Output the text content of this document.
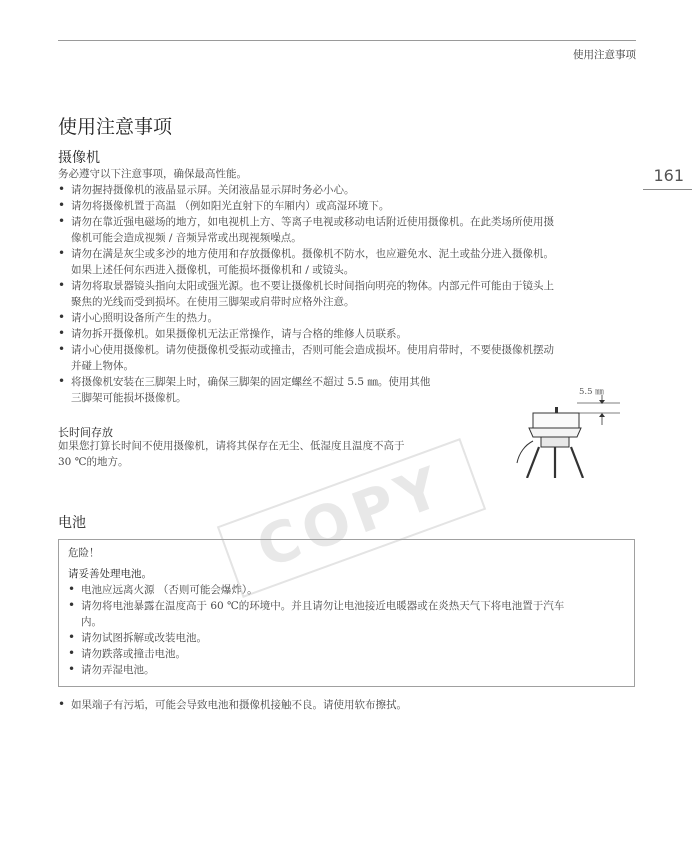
使用注意事项
161
使用注意事项
摄像机
务必遵守以下注意事项，确保最高性能。
• 请勿握持摄像机的液晶显示屏。关闭液晶显示屏时务必小心。
• 请勿将摄像机置于高温 （例如阳光直射下的车厢内）或高湿环境下。
• 请勿在靠近强电磁场的地方，如电视机上方、等离子电视或移动电话附近使用摄像机。在此类场所使用摄
像机可能会造成视频 / 音频异常或出现视频噪点。
• 请勿在满是灰尘或多沙的地方使用和存放摄像机。摄像机不防水，也应避免水、泥土或盐分进入摄像机。
如果上述任何东西进入摄像机，可能损坏摄像机和 / 或镜头。
• 请勿将取景器镜头指向太阳或强光源。也不要让摄像机长时间指向明亮的物体。内部元件可能由于镜头上
聚焦的光线而受到损坏。在使用三脚架或肩带时应格外注意。
• 请小心照明设备所产生的热力。
• 请勿拆开摄像机。如果摄像机无法正常操作，请与合格的维修人员联系。
• 请小心使用摄像机。请勿使摄像机受振动或撞击，否则可能会造成损坏。使用肩带时，不要使摄像机摆动
并碰上物体。
• 将摄像机安装在三脚架上时，确保三脚架的固定螺丝不超过 5.5 ㎜。使用其他
三脚架可能损坏摄像机。
长时间存放
如果您打算长时间不使用摄像机，请将其保存在无尘、低湿度且温度不高于
30 ℃的地方。
5.5 ㎜
COPY
电池
危险！
请妥善处理电池。
• 电池应远离火源 （否则可能会爆炸）。
• 请勿将电池暴露在温度高于 60 ℃的环境中。并且请勿让电池接近电暖器或在炎热天气下将电池置于汽车
内。
• 请勿试图拆解或改装电池。
• 请勿跌落或撞击电池。
• 请勿弄湿电池。
• 如果端子有污垢，可能会导致电池和摄像机接触不良。请使用软布擦拭。
